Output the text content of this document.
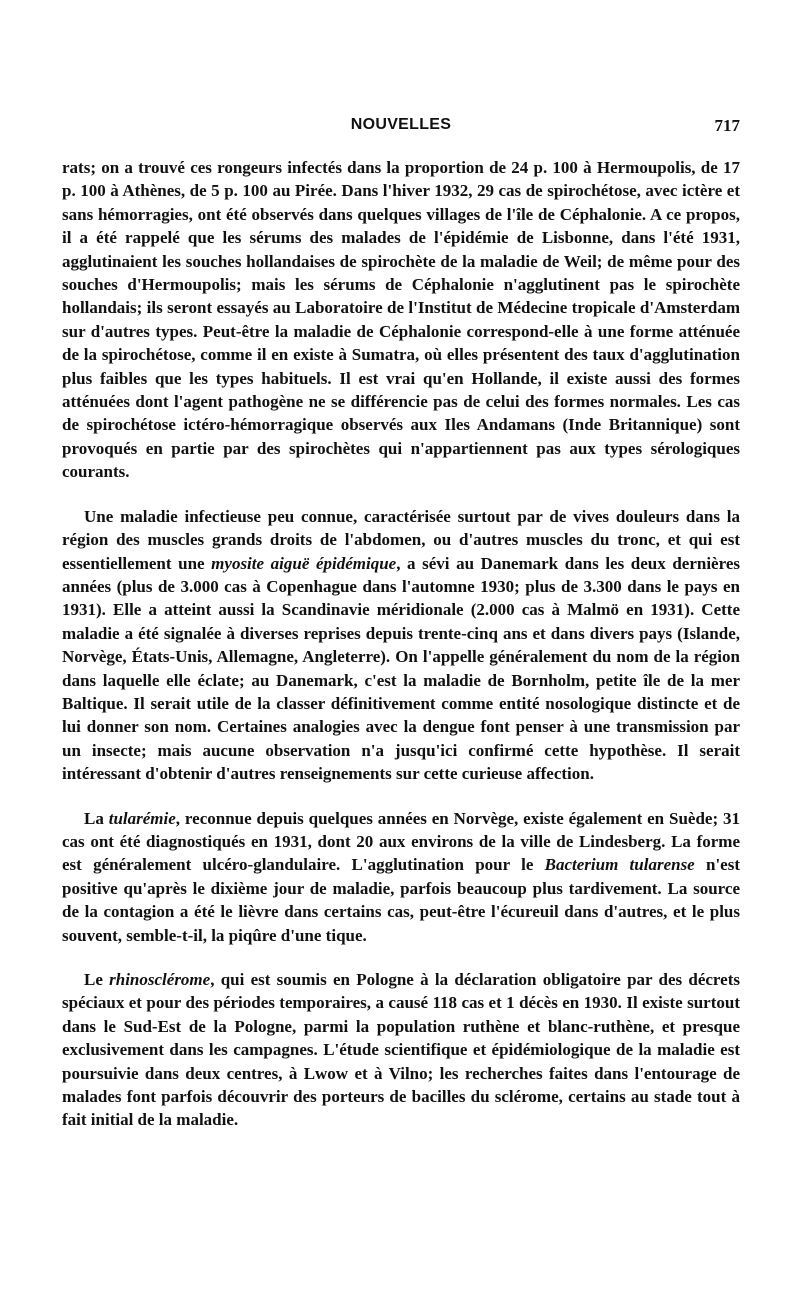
NOUVELLES	717

rats; on a trouvé ces rongeurs infectés dans la proportion de 24 p. 100 à Hermoupolis, de 17 p. 100 à Athènes, de 5 p. 100 au Pirée. Dans l'hiver 1932, 29 cas de spirochétose, avec ictère et sans hémorragies, ont été observés dans quelques villages de l'île de Céphalonie. A ce propos, il a été rappelé que les sérums des malades de l'épidémie de Lisbonne, dans l'été 1931, agglutinaient les souches hollandaises de spirochète de la maladie de Weil; de même pour des souches d'Hermoupolis; mais les sérums de Céphalonie n'agglutinent pas le spirochète hollandais; ils seront essayés au Laboratoire de l'Institut de Médecine tropicale d'Amsterdam sur d'autres types. Peut-être la maladie de Céphalonie correspond-elle à une forme atténuée de la spirochétose, comme il en existe à Sumatra, où elles présentent des taux d'agglutination plus faibles que les types habituels. Il est vrai qu'en Hollande, il existe aussi des formes atténuées dont l'agent pathogène ne se différencie pas de celui des formes normales. Les cas de spirochétose ictéro-hémorragique observés aux Iles Andamans (Inde Britannique) sont provoqués en partie par des spirochètes qui n'appartiennent pas aux types sérologiques courants.

Une maladie infectieuse peu connue, caractérisée surtout par de vives douleurs dans la région des muscles grands droits de l'abdomen, ou d'autres muscles du tronc, et qui est essentiellement une myosite aiguë épidémique, a sévi au Danemark dans les deux dernières années (plus de 3.000 cas à Copenhague dans l'automne 1930; plus de 3.300 dans le pays en 1931). Elle a atteint aussi la Scandinavie méridionale (2.000 cas à Malmö en 1931). Cette maladie a été signalée à diverses reprises depuis trente-cinq ans et dans divers pays (Islande, Norvège, États-Unis, Allemagne, Angleterre). On l'appelle généralement du nom de la région dans laquelle elle éclate; au Danemark, c'est la maladie de Bornholm, petite île de la mer Baltique. Il serait utile de la classer définitivement comme entité nosologique distincte et de lui donner son nom. Certaines analogies avec la dengue font penser à une transmission par un insecte; mais aucune observation n'a jusqu'ici confirmé cette hypothèse. Il serait intéressant d'obtenir d'autres renseignements sur cette curieuse affection.

La tularémie, reconnue depuis quelques années en Norvège, existe également en Suède; 31 cas ont été diagnostiqués en 1931, dont 20 aux environs de la ville de Lindesberg. La forme est généralement ulcéro-glandulaire. L'agglutination pour le Bacterium tularense n'est positive qu'après le dixième jour de maladie, parfois beaucoup plus tardivement. La source de la contagion a été le lièvre dans certains cas, peut-être l'écureuil dans d'autres, et le plus souvent, semble-t-il, la piqûre d'une tique.

Le rhinosclérome, qui est soumis en Pologne à la déclaration obligatoire par des décrets spéciaux et pour des périodes temporaires, a causé 118 cas et 1 décès en 1930. Il existe surtout dans le Sud-Est de la Pologne, parmi la population ruthène et blanc-ruthène, et presque exclusivement dans les campagnes. L'étude scientifique et épidémiologique de la maladie est poursuivie dans deux centres, à Lwow et à Vilno; les recherches faites dans l'entourage de malades font parfois découvrir des porteurs de bacilles du sclérome, certains au stade tout à fait initial de la maladie.
